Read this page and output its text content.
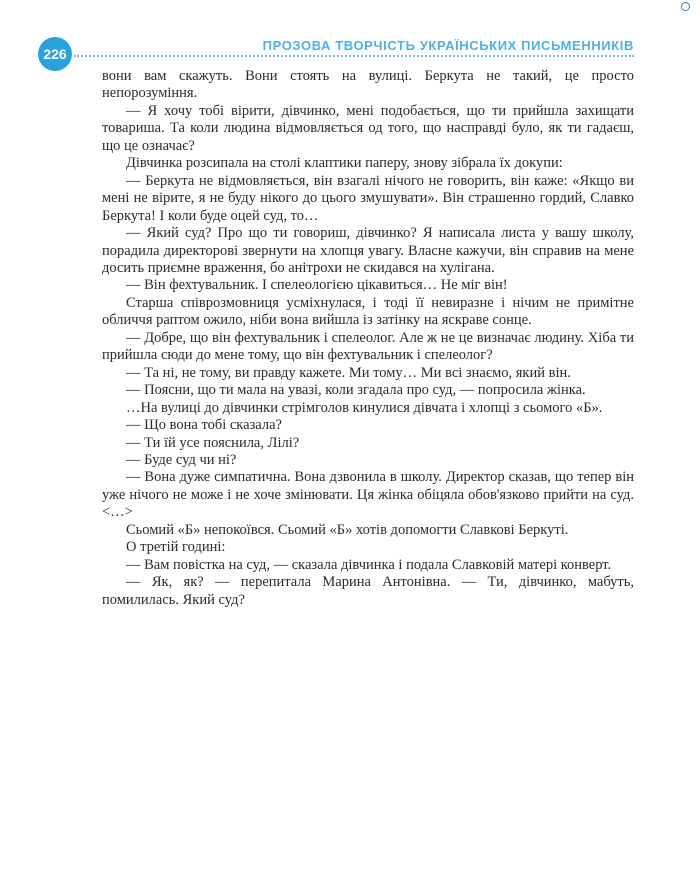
226
ПРОЗОВА ТВОРЧІСТЬ УКРАЇНСЬКИХ ПИСЬМЕННИКІВ

вони вам скажуть. Вони стоять на вулиці. Беркута не такий, це просто непорозуміння.

— Я хочу тобі вірити, дівчинко, мені подобається, що ти прийшла захищати товариша. Та коли людина відмовляється од того, що насправді було, як ти гадаєш, що це означає?

Дівчинка розсипала на столі клаптики паперу, знову зібрала їх докупи:

— Беркута не відмовляється, він взагалі нічого не говорить, він каже: «Якщо ви мені не вірите, я не буду нікого до цього змушувати». Він страшенно гордий, Славко Беркута! І коли буде оцей суд, то…

— Який суд? Про що ти говориш, дівчинко? Я написала листа у вашу школу, порадила директорові звернути на хлопця увагу. Власне кажучи, він справив на мене досить приємне враження, бо анітрохи не скидався на хулігана.

— Він фехтувальник. І спелеологією цікавиться… Не міг він!

Старша співрозмовниця усміхнулася, і тоді її невиразне і нічим не примітне обличчя раптом ожило, ніби вона вийшла із затінку на яскраве сонце.

— Добре, що він фехтувальник і спелеолог. Але ж не це визначає людину. Хіба ти прийшла сюди до мене тому, що він фехтувальник і спелеолог?

— Та ні, не тому, ви правду кажете. Ми тому… Ми всі знаємо, який він.

— Поясни, що ти мала на увазі, коли згадала про суд, — попросила жінка.

…На вулиці до дівчинки стрімголов кинулися дівчата і хлопці з сьомого «Б».

— Що вона тобі сказала?

— Ти їй усе пояснила, Лілі?

— Буде суд чи ні?

— Вона дуже симпатична. Вона дзвонила в школу. Директор сказав, що тепер він уже нічого не може і не хоче змінювати. Ця жінка обіцяла обов'язково прийти на суд. <…>

Сьомий «Б» непокоївся. Сьомий «Б» хотів допомогти Славкові Беркуті.

О третій годині:

— Вам повістка на суд, — сказала дівчинка і подала Славковій матері конверт.

— Як, як? — перепитала Марина Антонівна. — Ти, дівчинко, мабуть, помилилась. Який суд?
